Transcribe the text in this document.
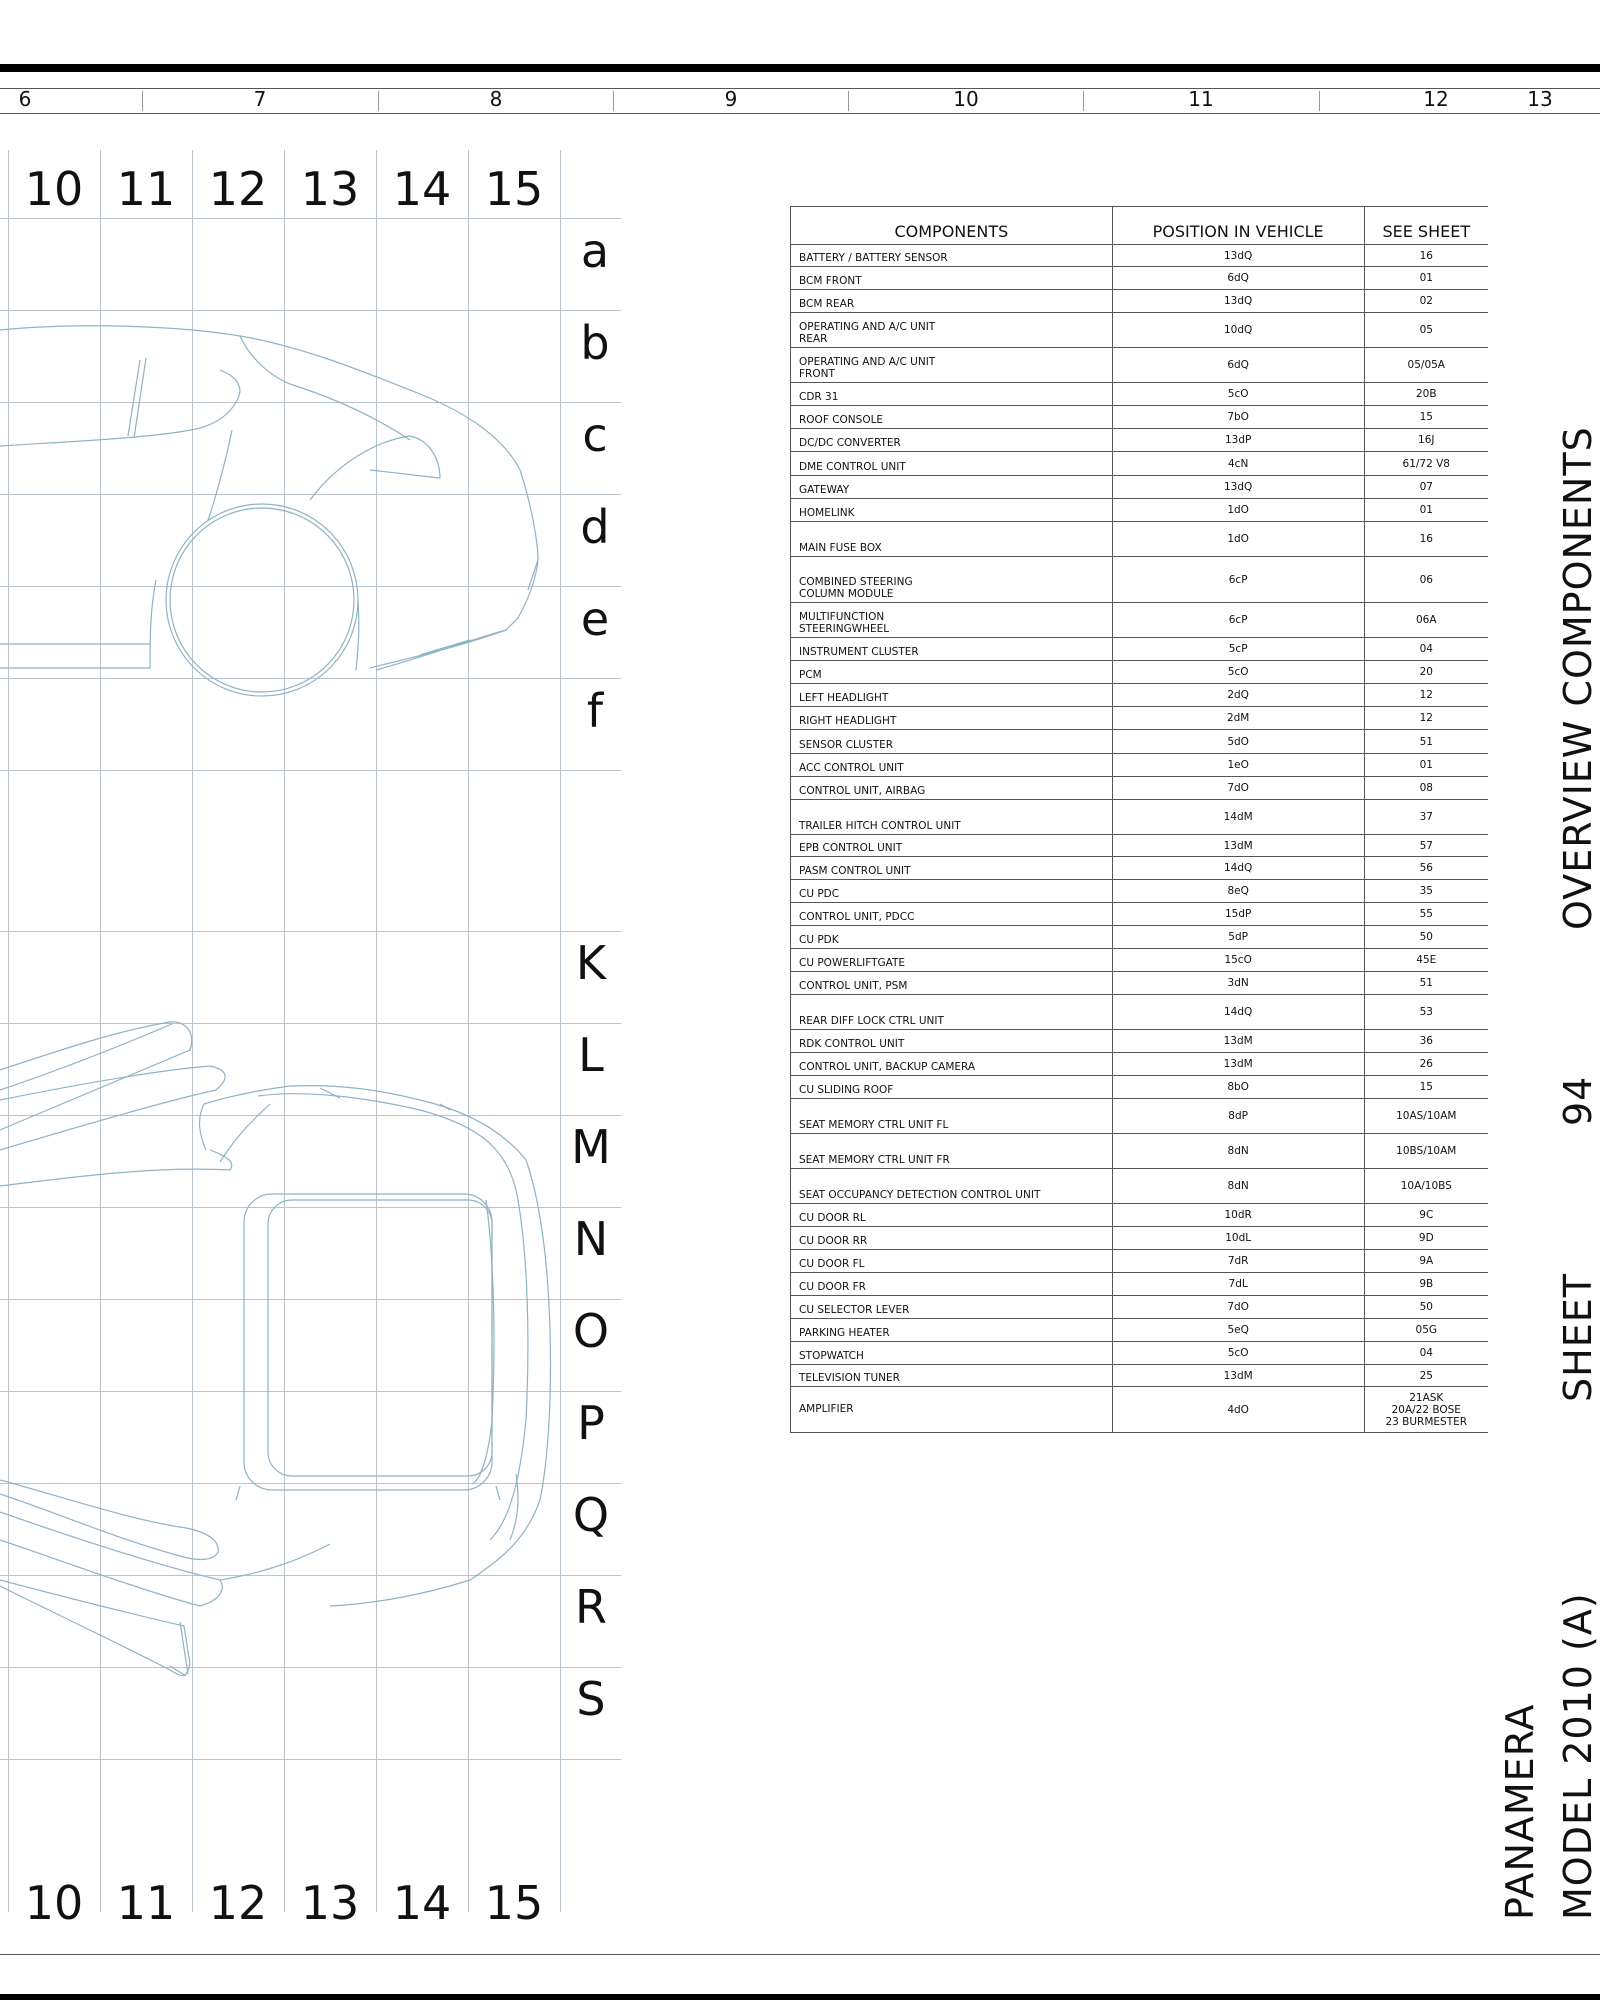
6	7	8	9	10	11	12	13
10 11 12 13 14 15
10 11 12 13 14 15
a
b
c
d
e
f
K
L
M
N
O
P
Q
R
S
COMPONENTS	POSITION IN VEHICLE	SEE SHEET
BATTERY / BATTERY SENSOR	13dQ	16
BCM FRONT	6dQ	01
BCM REAR	13dQ	02
OPERATING AND A/C UNIT
REAR	10dQ	05
OPERATING AND A/C UNIT
FRONT	6dQ	05/05A
CDR 31	5cO	20B
ROOF CONSOLE	7bO	15
DC/DC CONVERTER	13dP	16J
DME CONTROL UNIT	4cN	61/72 V8
GATEWAY	13dQ	07
HOMELINK	1dO	01
MAIN FUSE BOX	1dO	16
COMBINED STEERING
COLUMN MODULE	6cP	06
MULTIFUNCTION
STEERINGWHEEL	6cP	06A
INSTRUMENT CLUSTER	5cP	04
PCM	5cO	20
LEFT HEADLIGHT	2dQ	12
RIGHT HEADLIGHT	2dM	12
SENSOR CLUSTER	5dO	51
ACC CONTROL UNIT	1eO	01
CONTROL UNIT, AIRBAG	7dO	08
TRAILER HITCH CONTROL UNIT	14dM	37
EPB CONTROL UNIT	13dM	57
PASM CONTROL UNIT	14dQ	56
CU PDC	8eQ	35
CONTROL UNIT, PDCC	15dP	55
CU PDK	5dP	50
CU POWERLIFTGATE	15cO	45E
CONTROL UNIT, PSM	3dN	51
REAR DIFF LOCK CTRL UNIT	14dQ	53
RDK CONTROL UNIT	13dM	36
CONTROL UNIT, BACKUP CAMERA	13dM	26
CU SLIDING ROOF	8bO	15
SEAT MEMORY CTRL UNIT FL	8dP	10AS/10AM
SEAT MEMORY CTRL UNIT FR	8dN	10BS/10AM
SEAT OCCUPANCY DETECTION CONTROL UNIT	8dN	10A/10BS
CU DOOR RL	10dR	9C
CU DOOR RR	10dL	9D
CU DOOR FL	7dR	9A
CU DOOR FR	7dL	9B
CU SELECTOR LEVER	7dO	50
PARKING HEATER	5eQ	05G
STOPWATCH	5cO	04
TELEVISION TUNER	13dM	25
AMPLIFIER	4dO	21ASK
20A/22 BOSE
23 BURMESTER
OVERVIEW COMPONENTS
94
SHEET
PANAMERA MODEL 2010 (A)
